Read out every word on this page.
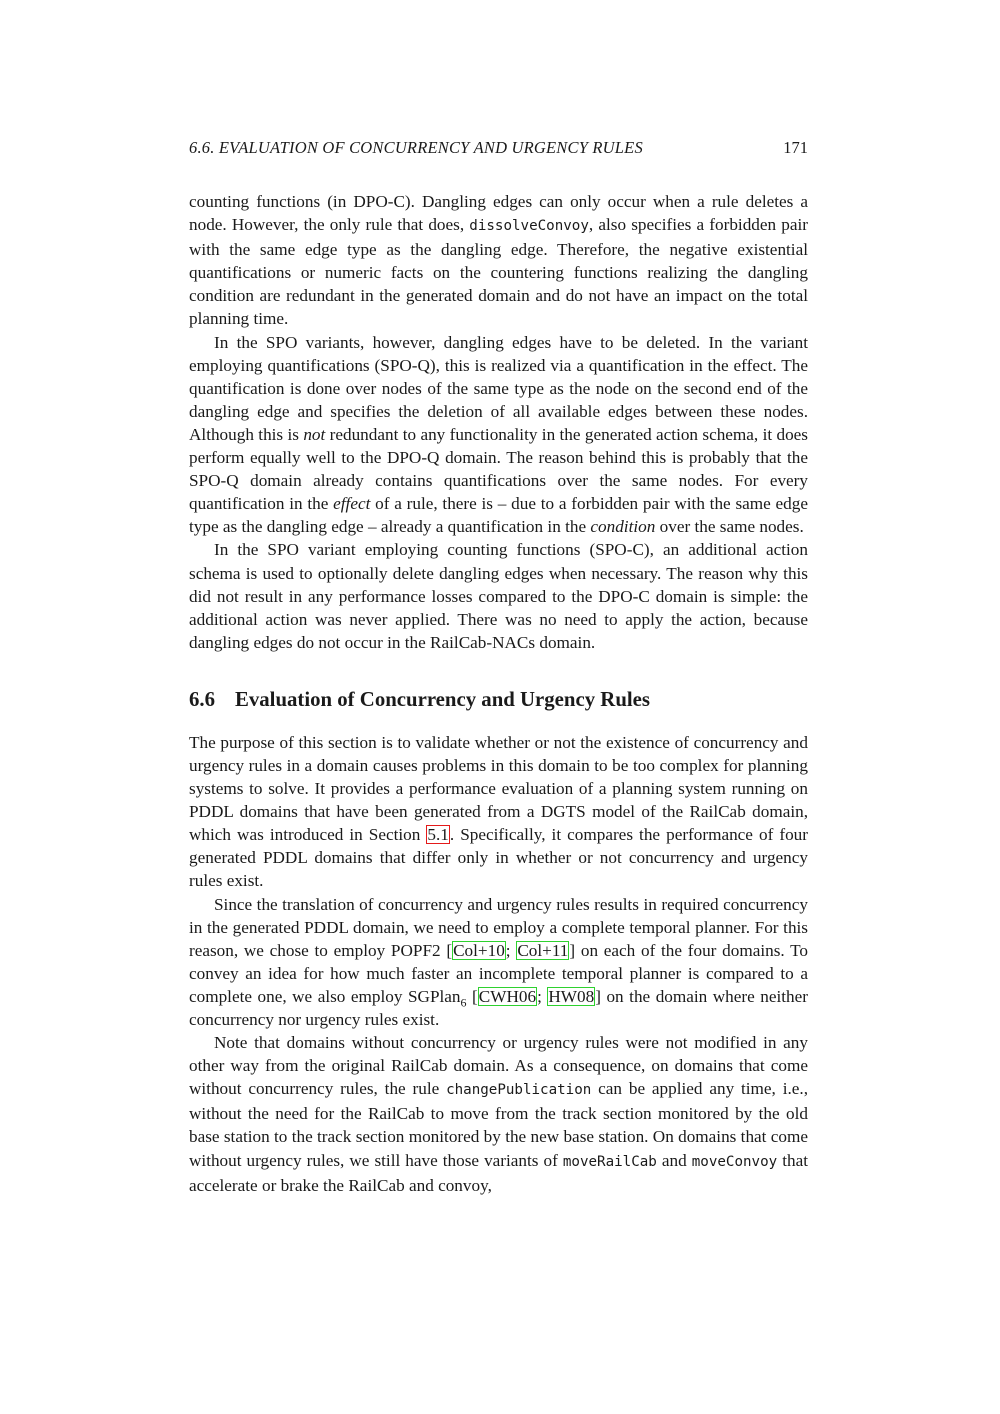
6.6. EVALUATION OF CONCURRENCY AND URGENCY RULES	171

counting functions (in DPO-C). Dangling edges can only occur when a rule deletes a node. However, the only rule that does, dissolveConvoy, also specifies a forbidden pair with the same edge type as the dangling edge. Therefore, the negative existential quantifications or numeric facts on the countering functions realizing the dangling condition are redundant in the generated domain and do not have an impact on the total planning time.

In the SPO variants, however, dangling edges have to be deleted. In the variant employing quantifications (SPO-Q), this is realized via a quantification in the effect. The quantification is done over nodes of the same type as the node on the second end of the dangling edge and specifies the deletion of all available edges between these nodes. Although this is not redundant to any functionality in the generated action schema, it does perform equally well to the DPO-Q domain. The reason behind this is probably that the SPO-Q domain already contains quantifications over the same nodes. For every quantification in the effect of a rule, there is – due to a forbidden pair with the same edge type as the dangling edge – already a quantification in the condition over the same nodes.

In the SPO variant employing counting functions (SPO-C), an additional action schema is used to optionally delete dangling edges when necessary. The reason why this did not result in any performance losses compared to the DPO-C domain is simple: the additional action was never applied. There was no need to apply the action, because dangling edges do not occur in the RailCab-NACs domain.

6.6 Evaluation of Concurrency and Urgency Rules

The purpose of this section is to validate whether or not the existence of concurrency and urgency rules in a domain causes problems in this domain to be too complex for planning systems to solve. It provides a performance evaluation of a planning system running on PDDL domains that have been generated from a DGTS model of the RailCab domain, which was introduced in Section 5.1. Specifically, it compares the performance of four generated PDDL domains that differ only in whether or not concurrency and urgency rules exist.

Since the translation of concurrency and urgency rules results in required concurrency in the generated PDDL domain, we need to employ a complete temporal planner. For this reason, we chose to employ POPF2 [Col+10; Col+11] on each of the four domains. To convey an idea for how much faster an incomplete temporal planner is compared to a complete one, we also employ SGPlan$_6$ [CWH06; HW08] on the domain where neither concurrency nor urgency rules exist.

Note that domains without concurrency or urgency rules were not modified in any other way from the original RailCab domain. As a consequence, on domains that come without concurrency rules, the rule changePublication can be applied any time, i.e., without the need for the RailCab to move from the track section monitored by the old base station to the track section monitored by the new base station. On domains that come without urgency rules, we still have those variants of moveRailCab and moveConvoy that accelerate or brake the RailCab and convoy,
